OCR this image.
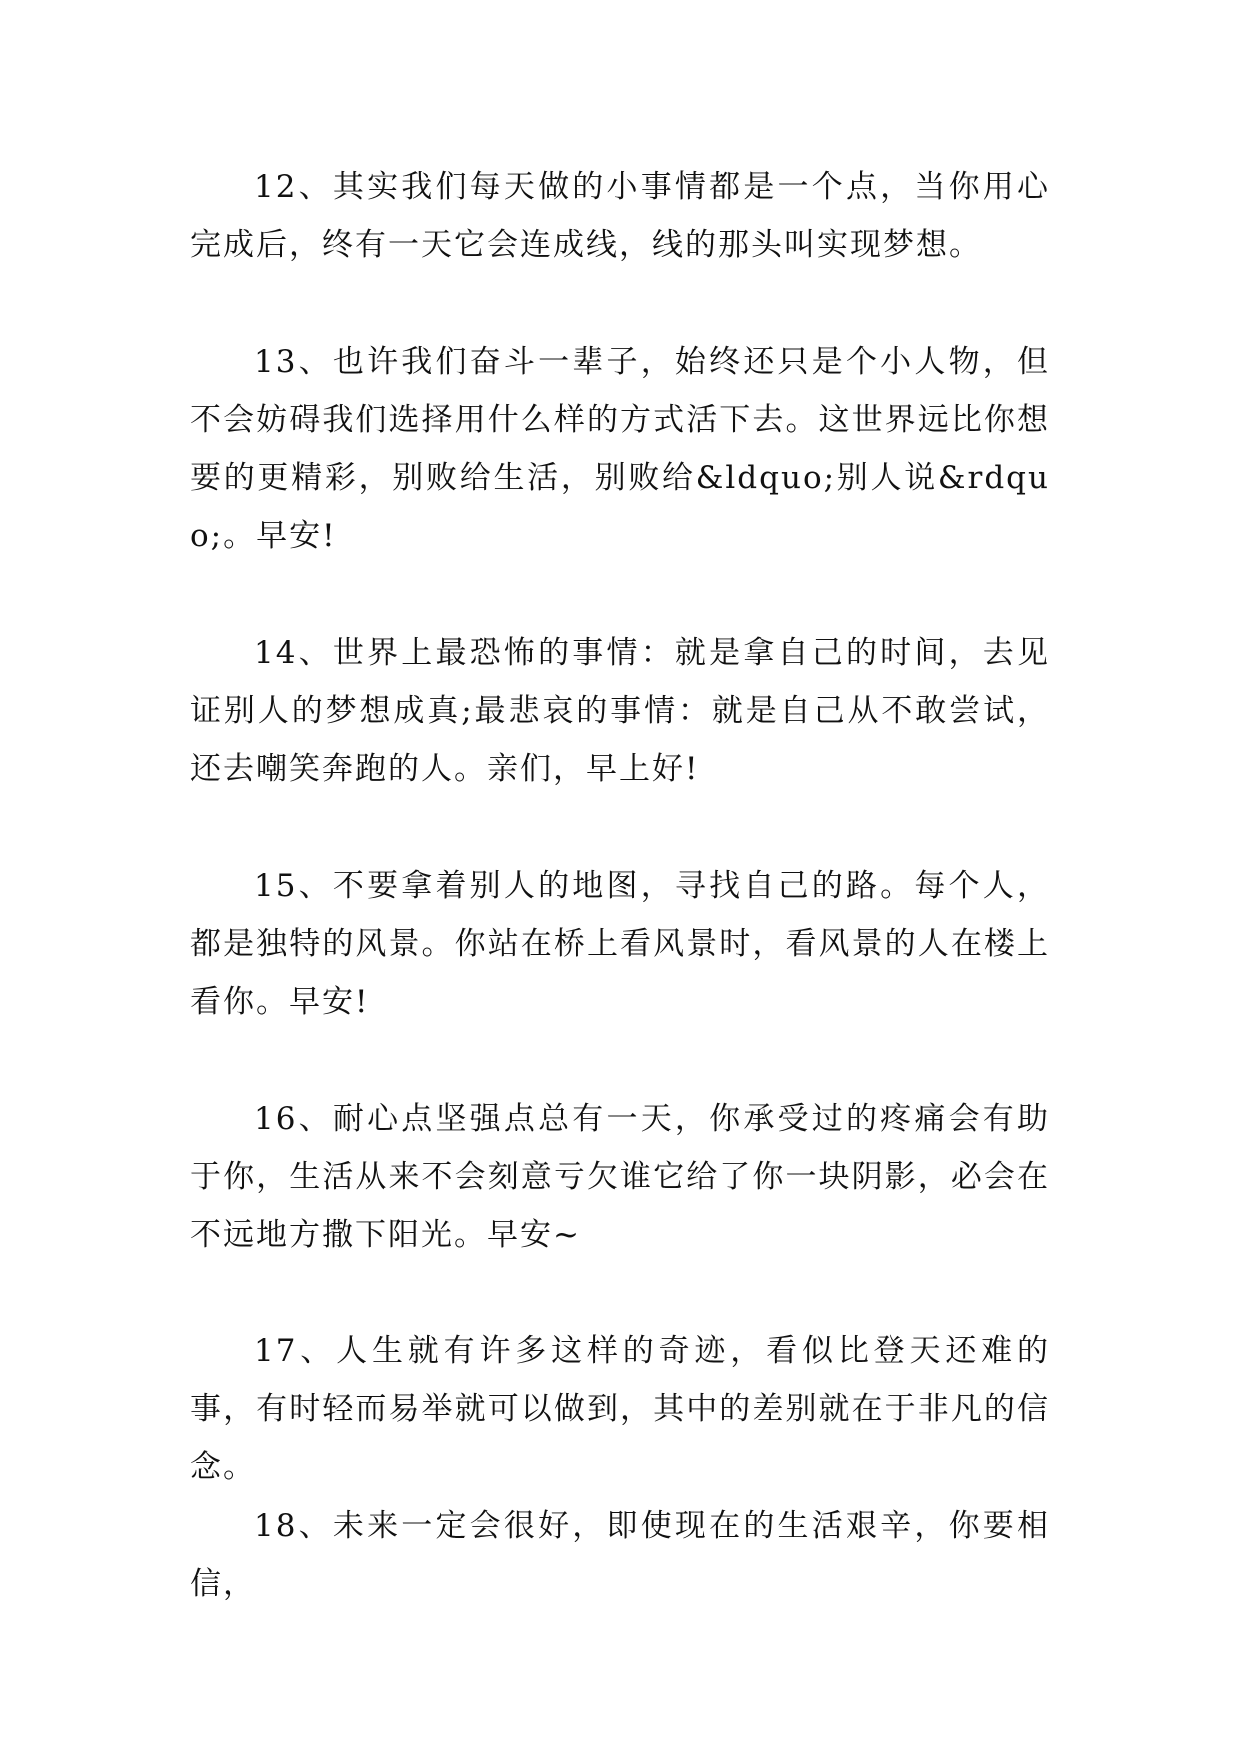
12、其实我们每天做的小事情都是一个点，当你用心完成后，终有一天它会连成线，线的那头叫实现梦想。

13、也许我们奋斗一辈子，始终还只是个小人物，但不会妨碍我们选择用什么样的方式活下去。这世界远比你想要的更精彩，别败给生活，别败给&ldquo;别人说&rdquo;。早安!

14、世界上最恐怖的事情：就是拿自己的时间，去见证别人的梦想成真;最悲哀的事情：就是自己从不敢尝试，还去嘲笑奔跑的人。亲们，早上好!

15、不要拿着别人的地图，寻找自己的路。每个人，都是独特的风景。你站在桥上看风景时，看风景的人在楼上看你。早安!

16、耐心点坚强点总有一天，你承受过的疼痛会有助于你，生活从来不会刻意亏欠谁它给了你一块阴影，必会在不远地方撒下阳光。早安~

17、人生就有许多这样的奇迹，看似比登天还难的事，有时轻而易举就可以做到，其中的差别就在于非凡的信念。

18、未来一定会很好，即使现在的生活艰辛，你要相信，
